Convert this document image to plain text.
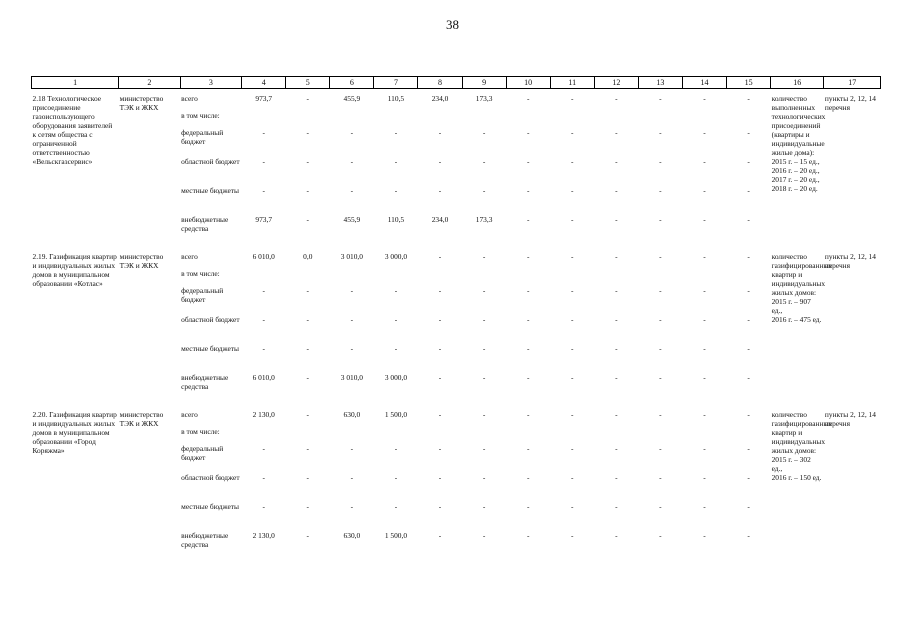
38
1	2	3	4	5	6	7	8	9	10	11	12	13	14	15	16	17
2.18 Технологическое присоединение газоиспользующего оборудования заявителей к сетям общества с ограниченной ответственностью «Вельскгазсервис»	министерство ТЭК и ЖКХ	всего	973,7	-	455,9	110,5	234,0	173,3	-	-	-	-	-	-	количество выполненных технологических присоединений (квартиры и индивидуальные жилые дома):
2015 г. – 15 ед.,
2016 г. – 20 ед.,
2017 г. – 20 ед.,
2018 г. – 20 ед.	пункты 2, 12, 14 перечня
		в том числе:														
		федеральный бюджет	-	-	-	-	-	-	-	-	-	-	-	-		
		областной бюджет	-	-	-	-	-	-	-	-	-	-	-	-		
		местные бюджеты	-	-	-	-	-	-	-	-	-	-	-	-		
		внебюджетные средства	973,7	-	455,9	110,5	234,0	173,3	-	-	-	-	-	-		

2.19. Газификация квартир и индивидуальных жилых домов в муниципальном образовании «Котлас»	министерство ТЭК и ЖКХ	всего	6 010,0	0,0	3 010,0	3 000,0	-	-	-	-	-	-	-	-	количество газифицированных квартир и индивидуальных жилых домов:
2015 г. – 907 ед.,
2016 г. – 475 ед.	пункты 2, 12, 14 перечня
		в том числе:														
		федеральный бюджет	-	-	-	-	-	-	-	-	-	-	-	-		
		областной бюджет	-	-	-	-	-	-	-	-	-	-	-	-		
		местные бюджеты	-	-	-	-	-	-	-	-	-	-	-	-		
		внебюджетные средства	6 010,0	-	3 010,0	3 000,0	-	-	-	-	-	-	-	-		

2.20. Газификация квартир и индивидуальных жилых домов в муниципальном образовании «Город Коряжма»	министерство ТЭК и ЖКХ	всего	2 130,0	-	630,0	1 500,0	-	-	-	-	-	-	-	-	количество газифицированных квартир и индивидуальных жилых домов:
2015 г. – 302 ед.,
2016 г. – 150 ед.	пункты 2, 12, 14 перечня
		в том числе:														
		федеральный бюджет	-	-	-	-	-	-	-	-	-	-	-	-		
		областной бюджет	-	-	-	-	-	-	-	-	-	-	-	-		
		местные бюджеты	-	-	-	-	-	-	-	-	-	-	-	-		
		внебюджетные средства	2 130,0	-	630,0	1 500,0	-	-	-	-	-	-	-	-		
